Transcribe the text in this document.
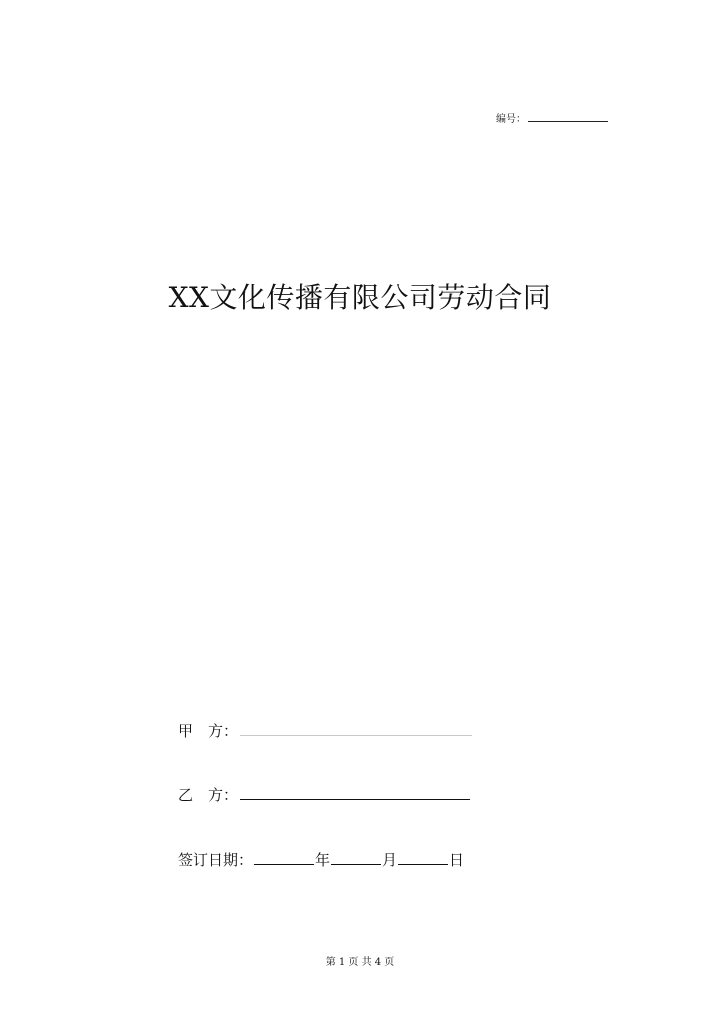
编号：
XX文化传播有限公司劳动合同
甲　方：
乙　方：
签订日期：	年	月	日
第 1 页 共 4 页
